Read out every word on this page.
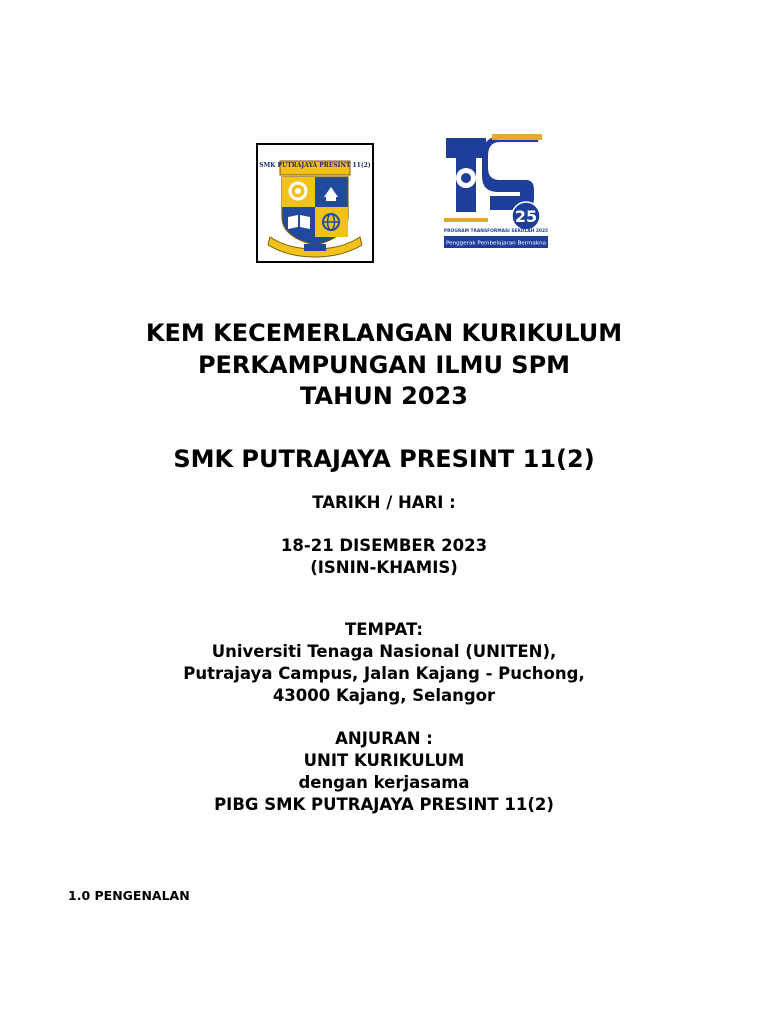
SMK PUTRAJAYA PRESINT 11(2)
25
PROGRAM TRANSFORMASI SEKOLAH 2025
Penggerak Pembelajaran Bermakna
KEM KECEMERLANGAN KURIKULUM
PERKAMPUNGAN ILMU SPM
TAHUN 2023
SMK PUTRAJAYA PRESINT 11(2)
TARIKH / HARI :
18-21 DISEMBER 2023
(ISNIN-KHAMIS)
TEMPAT:
Universiti Tenaga Nasional (UNITEN),
Putrajaya Campus, Jalan Kajang - Puchong,
43000 Kajang, Selangor
ANJURAN :
UNIT KURIKULUM
dengan kerjasama
PIBG SMK PUTRAJAYA PRESINT 11(2)
1.0 PENGENALAN
